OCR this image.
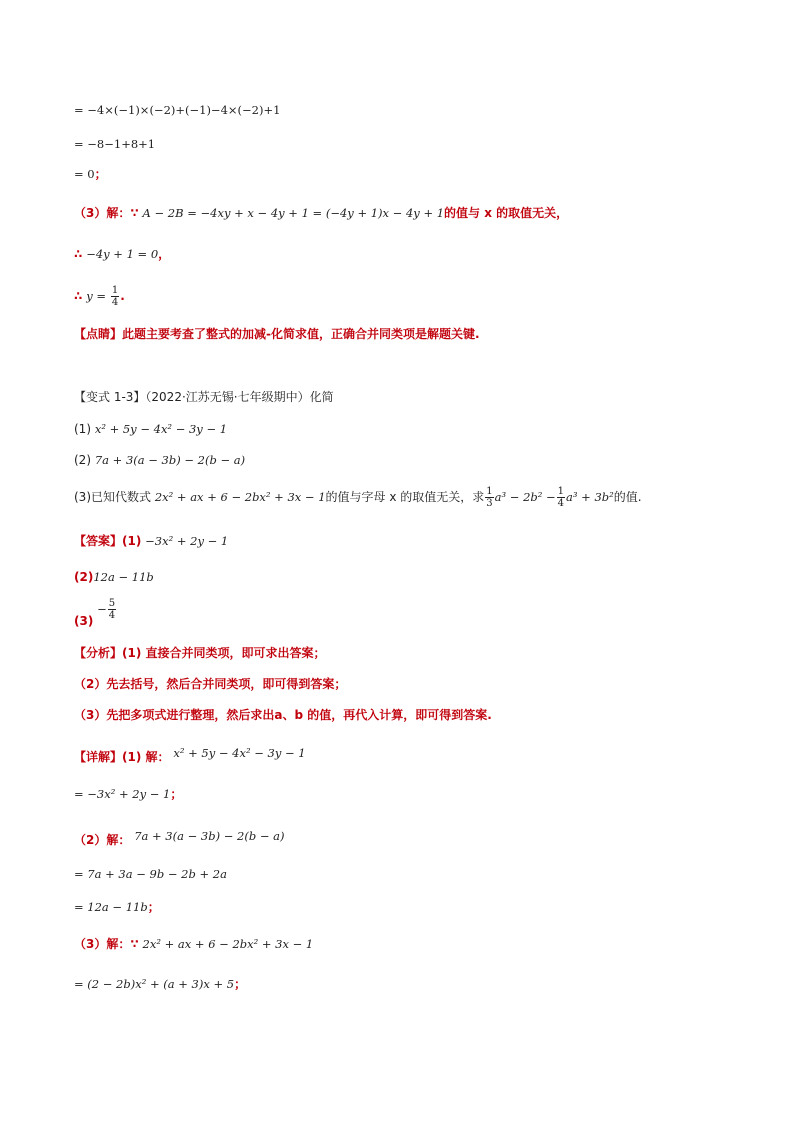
= −4×(−1)×(−2)+(−1)−4×(−2)+1
= −8−1+8+1
= 0；
（3）解：∵ A − 2B = −4xy + x − 4y + 1 = (−4y + 1)x − 4y + 1的值与 x 的取值无关，
∴ −4y + 1 = 0，
∴ $y = \frac{1}{4}$ .
【点睛】此题主要考查了整式的加减-化简求值，正确合并同类项是解题关键.
【变式 1-3】（2022·江苏无锡·七年级期中）化简
(1) x² + 5y − 4x² − 3y − 1
(2) 7a + 3(a − 3b) − 2(b − a)
(3)已知代数式 2x² + ax + 6 − 2bx² + 3x − 1的值与字母 x 的取值无关，求 $\frac{1}{3} a^3 - 2b^2 - \frac{1}{4} a^3 + 3b^2$的值.
【答案】(1) −3x² + 2y − 1
(2)12a − 11b
$(3) - \frac{5}{4}$
【分析】(1) 直接合并同类项，即可求出答案；
（2）先去括号，然后合并同类项，即可得到答案；
（3）先把多项式进行整理，然后求出a、b 的值，再代入计算，即可得到答案.
【详解】(1) 解： x² + 5y − 4x² − 3y − 1
= −3x² + 2y − 1；
（2）解： 7a + 3(a − 3b) − 2(b − a)
= 7a + 3a − 9b − 2b + 2a
= 12a − 11b；
（3）解：∵ 2x² + ax + 6 − 2bx² + 3x − 1
= (2 − 2b)x² + (a + 3)x + 5；
